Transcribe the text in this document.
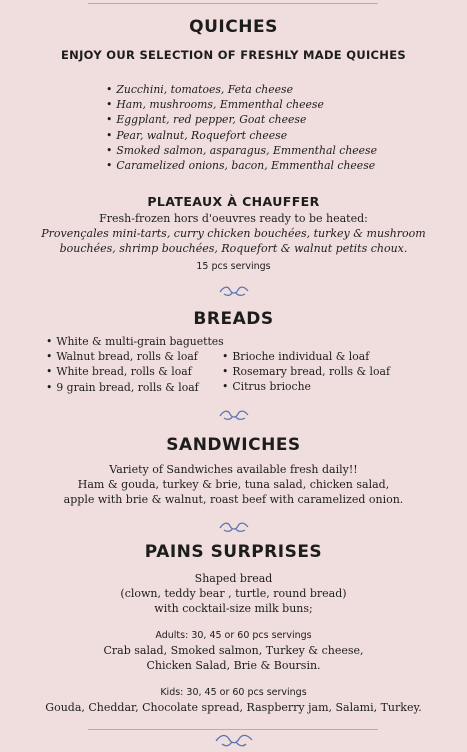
QUICHES
ENJOY OUR SELECTION OF FRESHLY MADE QUICHES
• Zucchini, tomatoes, Feta cheese
• Ham, mushrooms, Emmenthal cheese
• Eggplant, red pepper, Goat cheese
• Pear, walnut, Roquefort cheese
• Smoked salmon, asparagus, Emmenthal cheese
• Caramelized onions, bacon, Emmenthal cheese
PLATEAUX À CHAUFFER
Fresh-frozen hors d'oeuvres ready to be heated:
Provençales mini-tarts, curry chicken bouchées, turkey & mushroom
bouchées, shrimp bouchées, Roquefort & walnut petits choux.
15 pcs servings
BREADS
• White & multi-grain baguettes
• Walnut bread, rolls & loaf
• White bread, rolls & loaf
• 9 grain bread, rolls & loaf
• Brioche individual & loaf
• Rosemary bread, rolls & loaf
• Citrus brioche
SANDWICHES
Variety of Sandwiches available fresh daily!!
Ham & gouda, turkey & brie, tuna salad, chicken salad,
apple with brie & walnut, roast beef with caramelized onion.
PAINS SURPRISES
Shaped bread
(clown, teddy bear , turtle, round bread)
with cocktail-size milk buns;
Adults: 30, 45 or 60 pcs servings
Crab salad, Smoked salmon, Turkey & cheese,
Chicken Salad, Brie & Boursin.
Kids: 30, 45 or 60 pcs servings
Gouda, Cheddar, Chocolate spread, Raspberry jam, Salami, Turkey.
